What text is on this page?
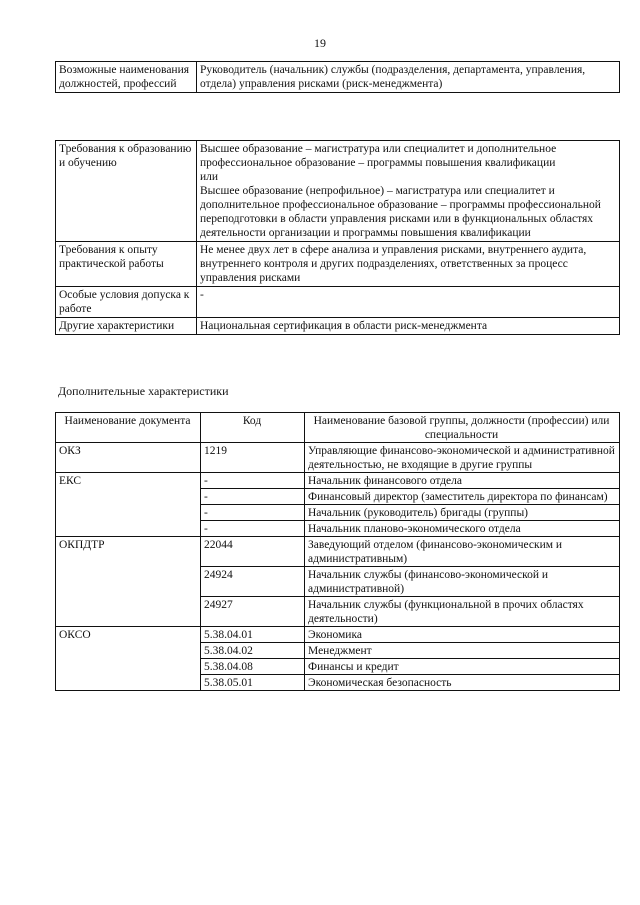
19
Возможные наименования должностей, профессий	Руководитель (начальник) службы (подразделения, департамента, управления, отдела) управления рисками (риск-менеджмента)
Требования к образованию и обучению	Высшее образование – магистратура или специалитет и дополнительное профессиональное образование – программы повышения квалификации
или
Высшее образование (непрофильное) – магистратура или специалитет и дополнительное профессиональное образование – программы профессиональной переподготовки в области управления рисками или в функциональных областях деятельности организации и программы повышения квалификации

Требования к опыту практической работы	Не менее двух лет в сфере анализа и управления рисками, внутреннего аудита, внутреннего контроля и других подразделениях, ответственных за процесс управления рисками
Особые условия допуска к работе	-
Другие характеристики	Национальная сертификация в области риск-менеджмента
Дополнительные характеристики
Наименование документа	Код	Наименование базовой группы, должности (профессии) или специальности
ОКЗ	1219	Управляющие финансово-экономической и административной деятельностью, не входящие в другие группы
ЕКС	-	Начальник финансового отдела
	-	Финансовый директор (заместитель директора по финансам)
	-	Начальник (руководитель) бригады (группы)
	-	Начальник планово-экономического отдела
ОКПДТР	22044	Заведующий отделом (финансово-экономическим и административным)
	24924	Начальник службы (финансово-экономической и административной)
	24927	Начальник службы (функциональной в прочих областях деятельности)
ОКСО	5.38.04.01	Экономика
	5.38.04.02	Менеджмент
	5.38.04.08	Финансы и кредит
	5.38.05.01	Экономическая безопасность
